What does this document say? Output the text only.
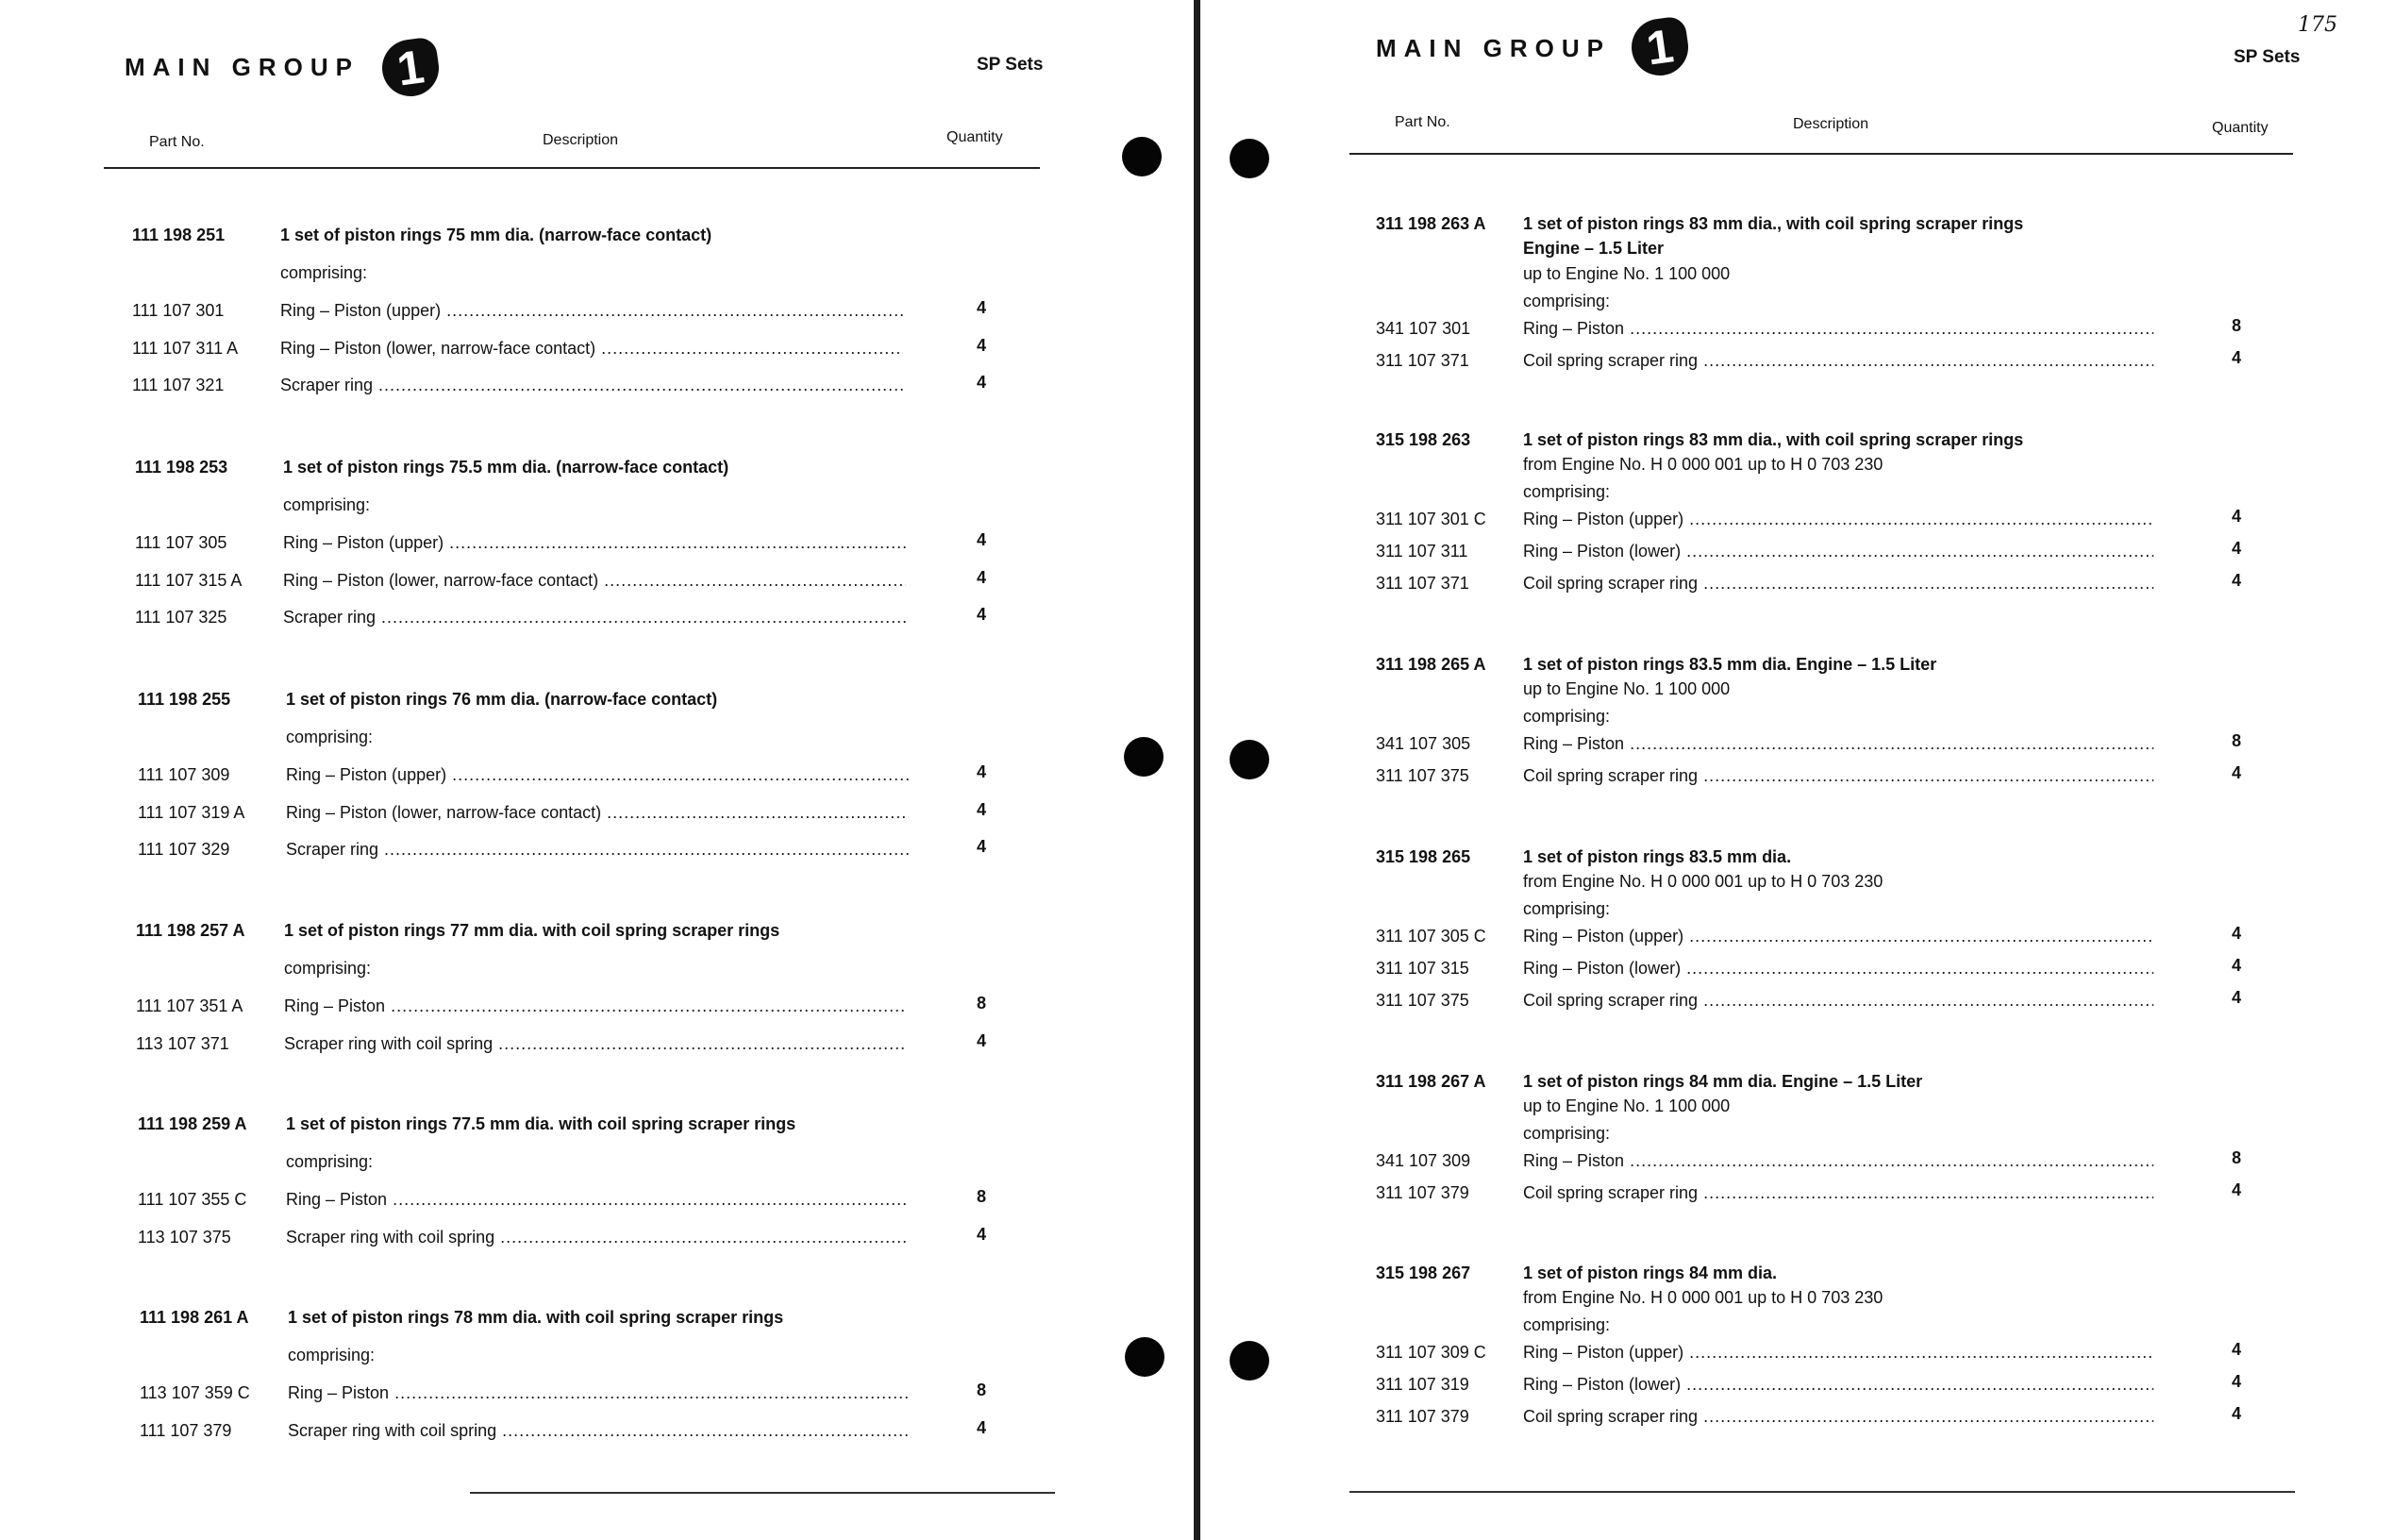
MAIN GROUP 1	SP Sets
Part No.	Description	Quantity
111 198 251	1 set of piston rings 75 mm dia. (narrow-face contact)
comprising:
111 107 301	Ring – Piston (upper) .....	4
111 107 311 A Ring – Piston (lower, narrow-face contact) .....	4
111 107 321	Scraper ring .....	4
111 198 253	1 set of piston rings 75.5 mm dia. (narrow-face contact)
comprising:
111 107 305	Ring – Piston (upper) .....	4
111 107 315 A Ring – Piston (lower, narrow-face contact) .....	4
111 107 325	Scraper ring .....	4
111 198 255	1 set of piston rings 76 mm dia. (narrow-face contact)
comprising:
111 107 309	Ring – Piston (upper) .....	4
111 107 319 A Ring – Piston (lower, narrow-face contact) .....	4
111 107 329	Scraper ring .....	4
111 198 257 A 1 set of piston rings 77 mm dia. with coil spring scraper rings
comprising:
111 107 351 A Ring – Piston .....	8
113 107 371	Scraper ring with coil spring .....	4
111 198 259 A 1 set of piston rings 77.5 mm dia. with coil spring scraper rings
comprising:
111 107 355 C Ring – Piston .....	8
113 107 375	Scraper ring with coil spring .....	4
111 198 261 A 1 set of piston rings 78 mm dia. with coil spring scraper rings
comprising:
113 107 359 C Ring – Piston .....	8
111 107 379	Scraper ring with coil spring .....	4
MAIN GROUP 1	SP Sets
175
Part No.	Description	Quantity
311 198 263 A 1 set of piston rings 83 mm dia., with coil spring scraper rings
Engine – 1.5 Liter
up to Engine No. 1 100 000
comprising:
341 107 301	Ring – Piston .....	8
311 107 371	Coil spring scraper ring .....	4
315 198 263	1 set of piston rings 83 mm dia., with coil spring scraper rings
from Engine No. H 0 000 001 up to H 0 703 230
comprising:
311 107 301 C Ring – Piston (upper) .....	4
311 107 311	Ring – Piston (lower) .....	4
311 107 371	Coil spring scraper ring .....	4
311 198 265 A 1 set of piston rings 83.5 mm dia. Engine – 1.5 Liter
up to Engine No. 1 100 000
comprising:
341 107 305	Ring – Piston .....	8
311 107 375	Coil spring scraper ring .....	4
315 198 265	1 set of piston rings 83.5 mm dia.
from Engine No. H 0 000 001 up to H 0 703 230
comprising:
311 107 305 C Ring – Piston (upper) .....	4
311 107 315	Ring – Piston (lower) .....	4
311 107 375	Coil spring scraper ring .....	4
311 198 267 A 1 set of piston rings 84 mm dia. Engine – 1.5 Liter
up to Engine No. 1 100 000
comprising:
341 107 309	Ring – Piston .....	8
311 107 379	Coil spring scraper ring .....	4
315 198 267	1 set of piston rings 84 mm dia.
from Engine No. H 0 000 001 up to H 0 703 230
comprising:
311 107 309 C Ring – Piston (upper) .....	4
311 107 319	Ring – Piston (lower) .....	4
311 107 379	Coil spring scraper ring .....	4
